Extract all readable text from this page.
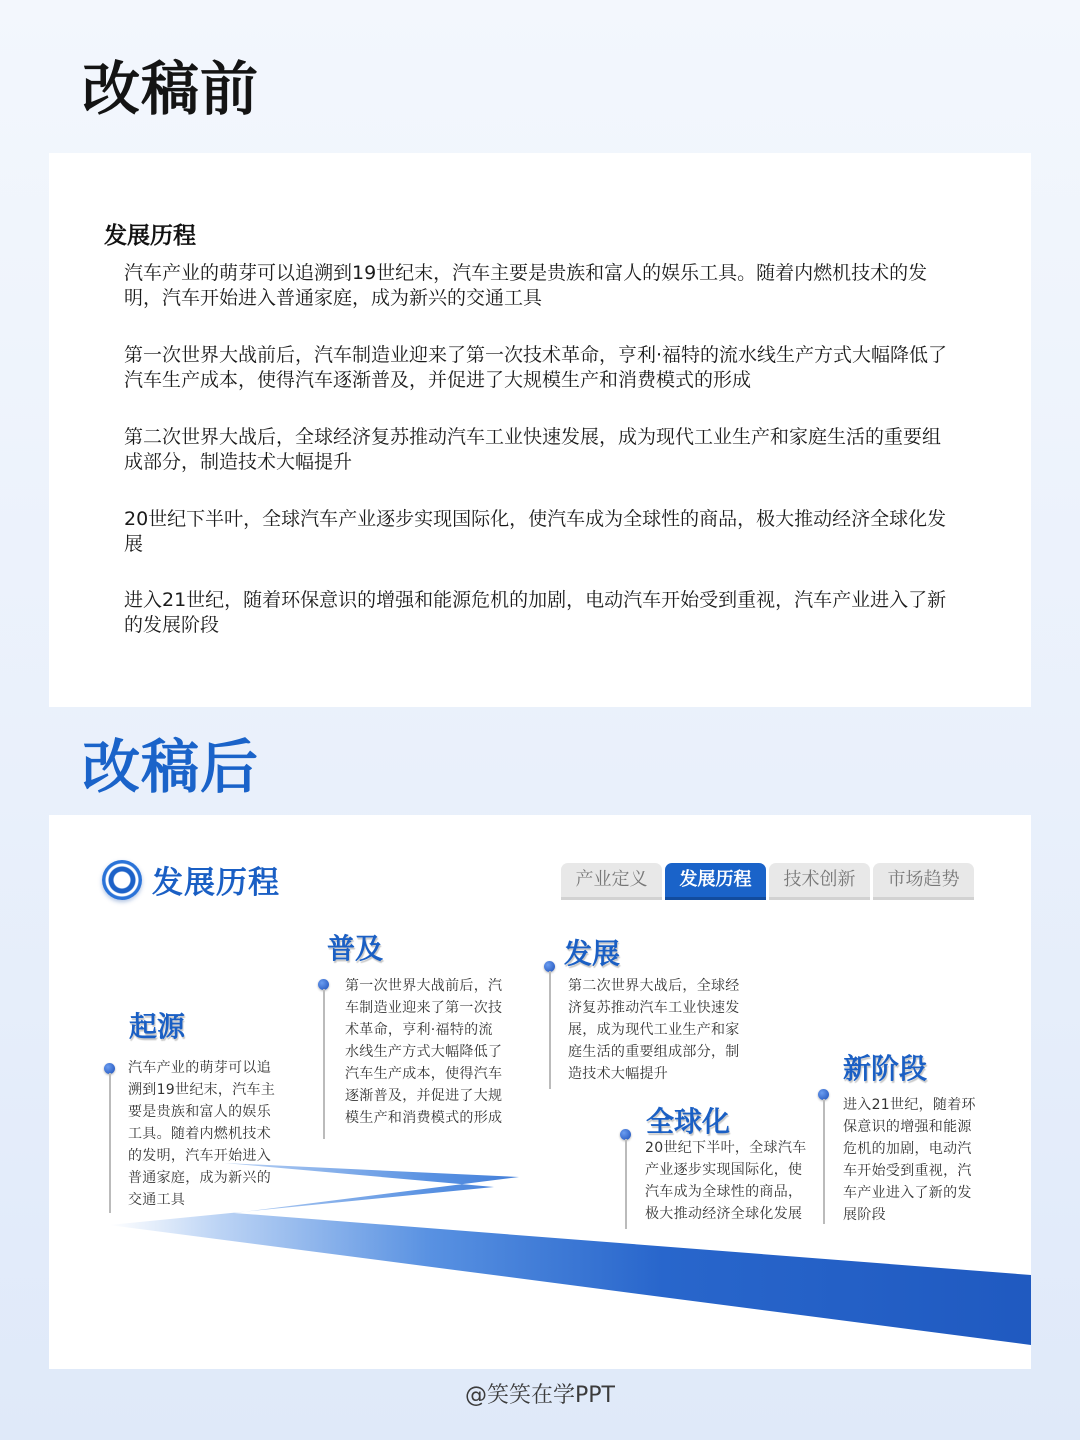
改稿前
发展历程
汽车产业的萌芽可以追溯到19世纪末，汽车主要是贵族和富人的娱乐工具。随着内燃机技术的发明，汽车开始进入普通家庭，成为新兴的交通工具
第一次世界大战前后，汽车制造业迎来了第一次技术革命，亨利·福特的流水线生产方式大幅降低了汽车生产成本，使得汽车逐渐普及，并促进了大规模生产和消费模式的形成
第二次世界大战后，全球经济复苏推动汽车工业快速发展，成为现代工业生产和家庭生活的重要组成部分，制造技术大幅提升
20世纪下半叶，全球汽车产业逐步实现国际化，使汽车成为全球性的商品，极大推动经济全球化发展
进入21世纪，随着环保意识的增强和能源危机的加剧，电动汽车开始受到重视，汽车产业进入了新的发展阶段
改稿后
发展历程	产业定义	发展历程	技术创新	市场趋势
起源
汽车产业的萌芽可以追溯到19世纪末，汽车主要是贵族和富人的娱乐工具。随着内燃机技术的发明，汽车开始进入普通家庭，成为新兴的交通工具
普及
第一次世界大战前后，汽车制造业迎来了第一次技术革命，亨利·福特的流水线生产方式大幅降低了汽车生产成本，使得汽车逐渐普及，并促进了大规模生产和消费模式的形成
发展
第二次世界大战后，全球经济复苏推动汽车工业快速发展，成为现代工业生产和家庭生活的重要组成部分，制造技术大幅提升
全球化
20世纪下半叶，全球汽车产业逐步实现国际化，使汽车成为全球性的商品，极大推动经济全球化发展
新阶段
进入21世纪，随着环保意识的增强和能源危机的加剧，电动汽车开始受到重视，汽车产业进入了新的发展阶段
@笑笑在学PPT
